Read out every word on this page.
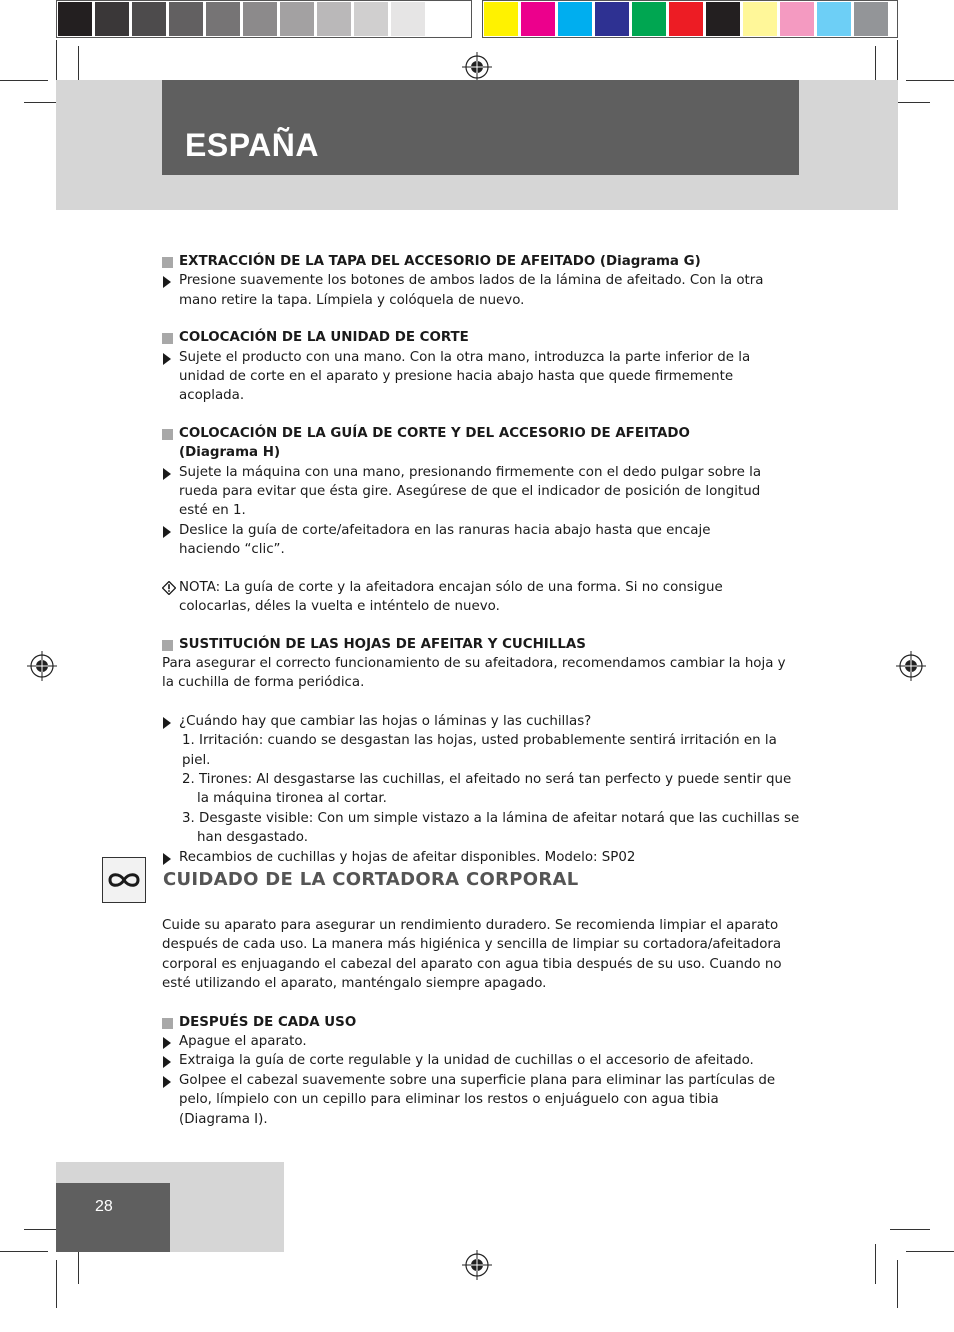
ESPAÑA

EXTRACCIÓN DE LA TAPA DEL ACCESORIO DE AFEITADO (Diagrama G)

Presione suavemente los botones de ambos lados de la lámina de afeitado. Con la otra
mano retire la tapa. Límpiela y colóquela de nuevo.

COLOCACIÓN DE LA UNIDAD DE CORTE

Sujete el producto con una mano. Con la otra mano, introduzca la parte inferior de la
unidad de corte en el aparato y presione hacia abajo hasta que quede firmemente acoplada.

COLOCACIÓN DE LA GUÍA DE CORTE Y DEL ACCESORIO DE AFEITADO
(Diagrama H)

Sujete la máquina con una mano, presionando firmemente con el dedo pulgar sobre la
rueda para evitar que ésta gire. Asegúrese de que el indicador de posición de longitud
esté en 1.

Deslice la guía de corte/afeitadora en las ranuras hacia abajo hasta que encaje
haciendo “clic”.

NOTA: La guía de corte y la afeitadora encajan sólo de una forma. Si no consigue
colocarlas, déles la vuelta e inténtelo de nuevo.

SUSTITUCIÓN DE LAS HOJAS DE AFEITAR Y CUCHILLAS

Para asegurar el correcto funcionamiento de su afeitadora, recomendamos cambiar la hoja y
la cuchilla de forma periódica.

¿Cuándo hay que cambiar las hojas o láminas y las cuchillas?

1. Irritación: cuando se desgastan las hojas, usted probablemente sentirá irritación en la piel.

2. Tirones: Al desgastarse las cuchillas, el afeitado no será tan perfecto y puede sentir que
la máquina tironea al cortar.

3. Desgaste visible: Con um simple vistazo a la lámina de afeitar notará que las cuchillas se
han desgastado.

Recambios de cuchillas y hojas de afeitar disponibles. Modelo: SP02

CUIDADO DE LA CORTADORA CORPORAL

Cuide su aparato para asegurar un rendimiento duradero. Se recomienda limpiar el aparato
después de cada uso. La manera más higiénica y sencilla de limpiar su cortadora/afeitadora
corporal es enjuagando el cabezal del aparato con agua tibia después de su uso. Cuando no
esté utilizando el aparato, manténgalo siempre apagado.

DESPUÉS DE CADA USO

Apague el aparato.

Extraiga la guía de corte regulable y la unidad de cuchillas o el accesorio de afeitado.

Golpee el cabezal suavemente sobre una superficie plana para eliminar las partículas de
pelo, límpielo con un cepillo para eliminar los restos o enjuáguelo con agua tibia
(Diagrama I).

28
